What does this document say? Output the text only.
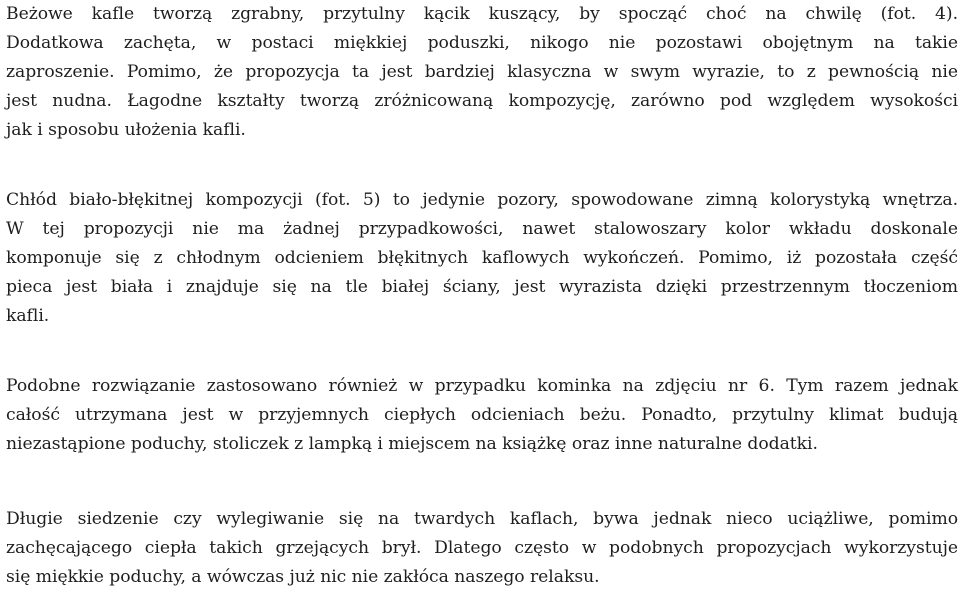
Beżowe kafle tworzą zgrabny, przytulny kącik kuszący, by spocząć choć na chwilę (fot. 4).
Dodatkowa zachęta, w postaci miękkiej poduszki, nikogo nie pozostawi obojętnym na takie
zaproszenie. Pomimo, że propozycja ta jest bardziej klasyczna w swym wyrazie, to z pewnością nie
jest nudna. Łagodne kształty tworzą zróżnicowaną kompozycję, zarówno pod względem wysokości
jak i sposobu ułożenia kafli.
Chłód biało-błękitnej kompozycji (fot. 5) to jedynie pozory, spowodowane zimną kolorystyką wnętrza.
W tej propozycji nie ma żadnej przypadkowości, nawet stalowoszary kolor wkładu doskonale
komponuje się z chłodnym odcieniem błękitnych kaflowych wykończeń. Pomimo, iż pozostała część
pieca jest biała i znajduje się na tle białej ściany, jest wyrazista dzięki przestrzennym tłoczeniom
kafli.
Podobne rozwiązanie zastosowano również w przypadku kominka na zdjęciu nr 6. Tym razem jednak
całość utrzymana jest w przyjemnych ciepłych odcieniach beżu. Ponadto, przytulny klimat budują
niezastąpione poduchy, stoliczek z lampką i miejscem na książkę oraz inne naturalne dodatki.
Długie siedzenie czy wylegiwanie się na twardych kaflach, bywa jednak nieco uciążliwe, pomimo
zachęcającego ciepła takich grzejących brył. Dlatego często w podobnych propozycjach wykorzystuje
się miękkie poduchy, a wówczas już nic nie zakłóca naszego relaksu.
